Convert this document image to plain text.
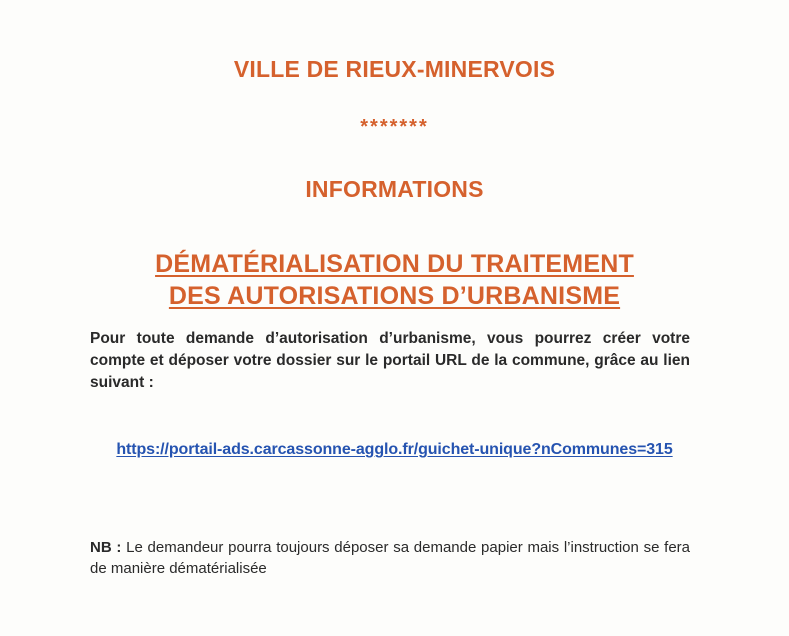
VILLE DE RIEUX-MINERVOIS
*******
INFORMATIONS
DÉMATÉRIALISATION DU TRAITEMENT
DES AUTORISATIONS D’URBANISME
Pour toute demande d’autorisation d’urbanisme, vous pourrez créer votre compte et déposer votre dossier sur le portail URL de la commune, grâce au lien suivant :
https://portail-ads.carcassonne-agglo.fr/guichet-unique?nCommunes=315
NB : Le demandeur pourra toujours déposer sa demande papier mais l’instruction se fera de manière dématérialisée
